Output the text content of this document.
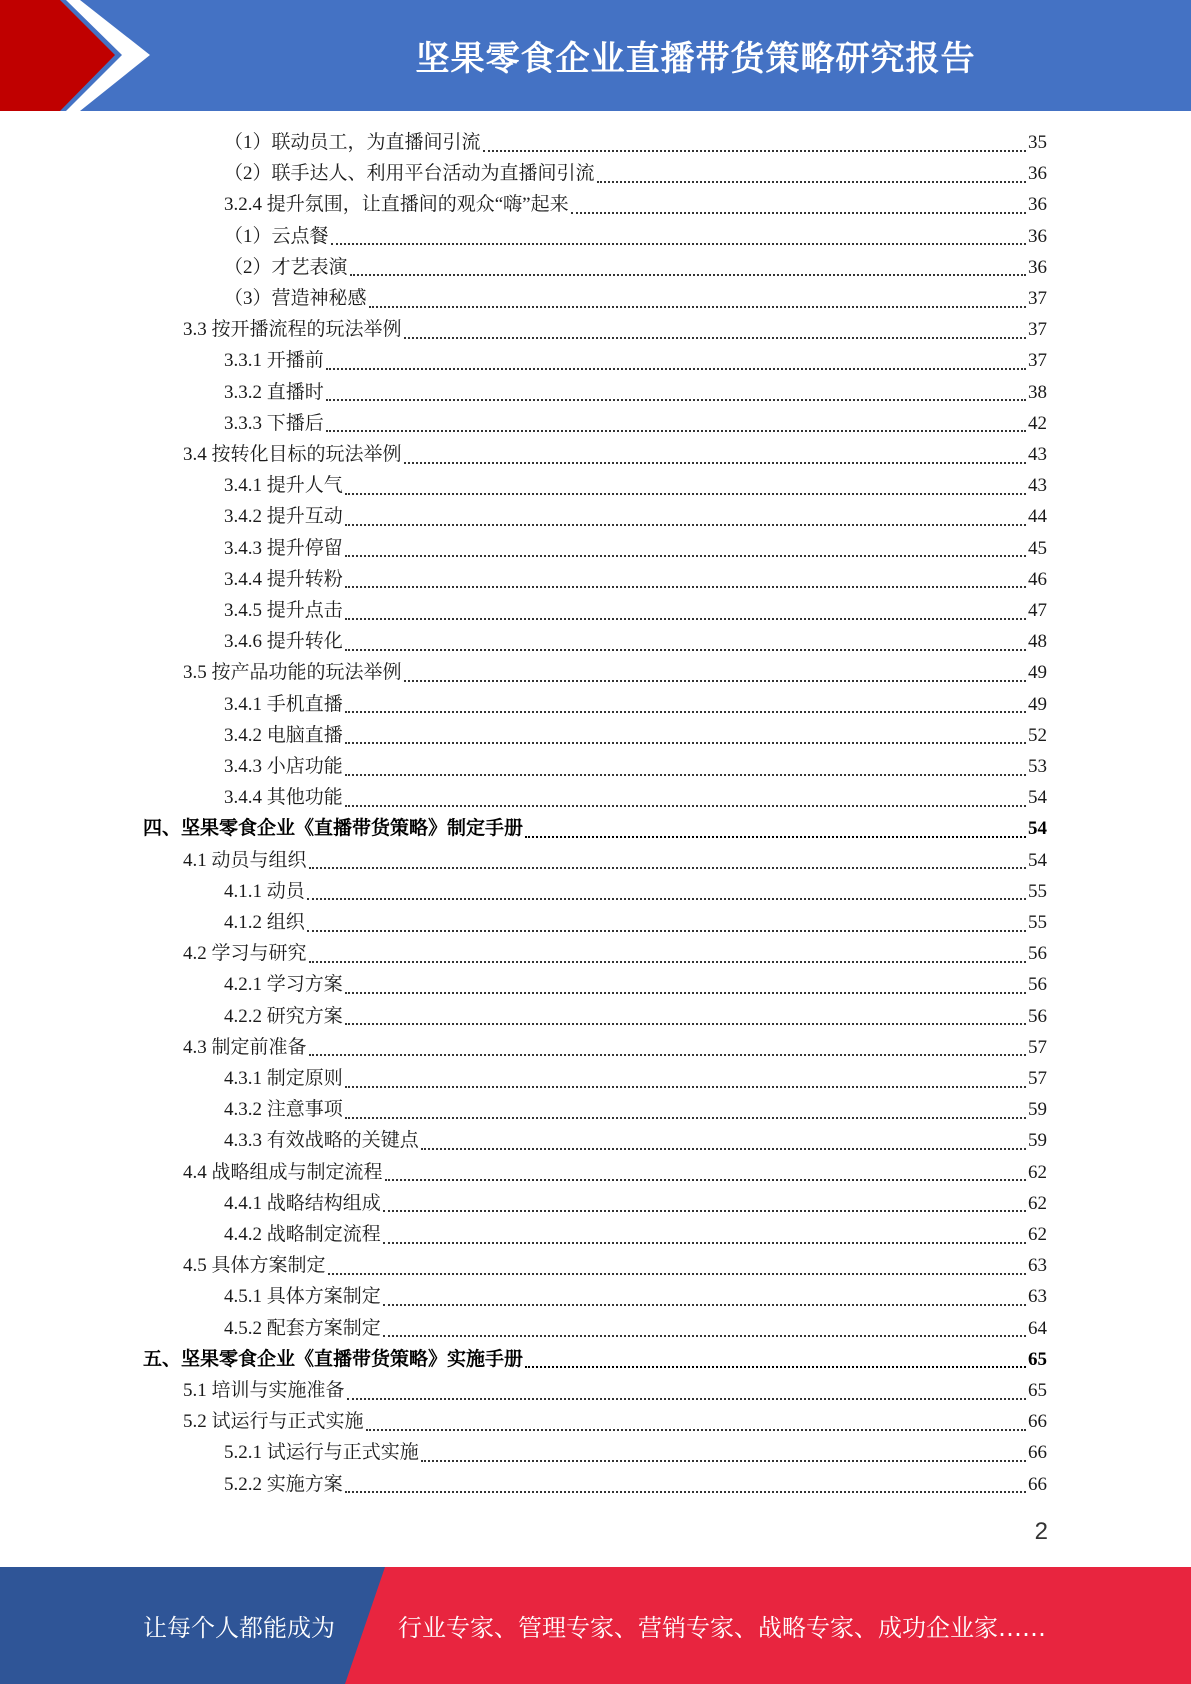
坚果零食企业直播带货策略研究报告
（1）联动员工，为直播间引流	35
（2）联手达人、利用平台活动为直播间引流	36
3.2.4 提升氛围，让直播间的观众“嗨”起来	36
（1）云点餐	36
（2）才艺表演	36
（3）营造神秘感	37
3.3 按开播流程的玩法举例	37
3.3.1 开播前	37
3.3.2 直播时	38
3.3.3 下播后	42
3.4 按转化目标的玩法举例	43
3.4.1 提升人气	43
3.4.2 提升互动	44
3.4.3 提升停留	45
3.4.4 提升转粉	46
3.4.5 提升点击	47
3.4.6 提升转化	48
3.5 按产品功能的玩法举例	49
3.4.1 手机直播	49
3.4.2 电脑直播	52
3.4.3 小店功能	53
3.4.4 其他功能	54
四、坚果零食企业《直播带货策略》制定手册	54
4.1 动员与组织	54
4.1.1 动员	55
4.1.2 组织	55
4.2 学习与研究	56
4.2.1 学习方案	56
4.2.2 研究方案	56
4.3 制定前准备	57
4.3.1 制定原则	57
4.3.2 注意事项	59
4.3.3 有效战略的关键点	59
4.4 战略组成与制定流程	62
4.4.1 战略结构组成	62
4.4.2 战略制定流程	62
4.5 具体方案制定	63
4.5.1 具体方案制定	63
4.5.2 配套方案制定	64
五、坚果零食企业《直播带货策略》实施手册	65
5.1 培训与实施准备	65
5.2 试运行与正式实施	66
5.2.1 试运行与正式实施	66
5.2.2 实施方案	66
2
让每个人都能成为	行业专家、管理专家、营销专家、战略专家、成功企业家……
